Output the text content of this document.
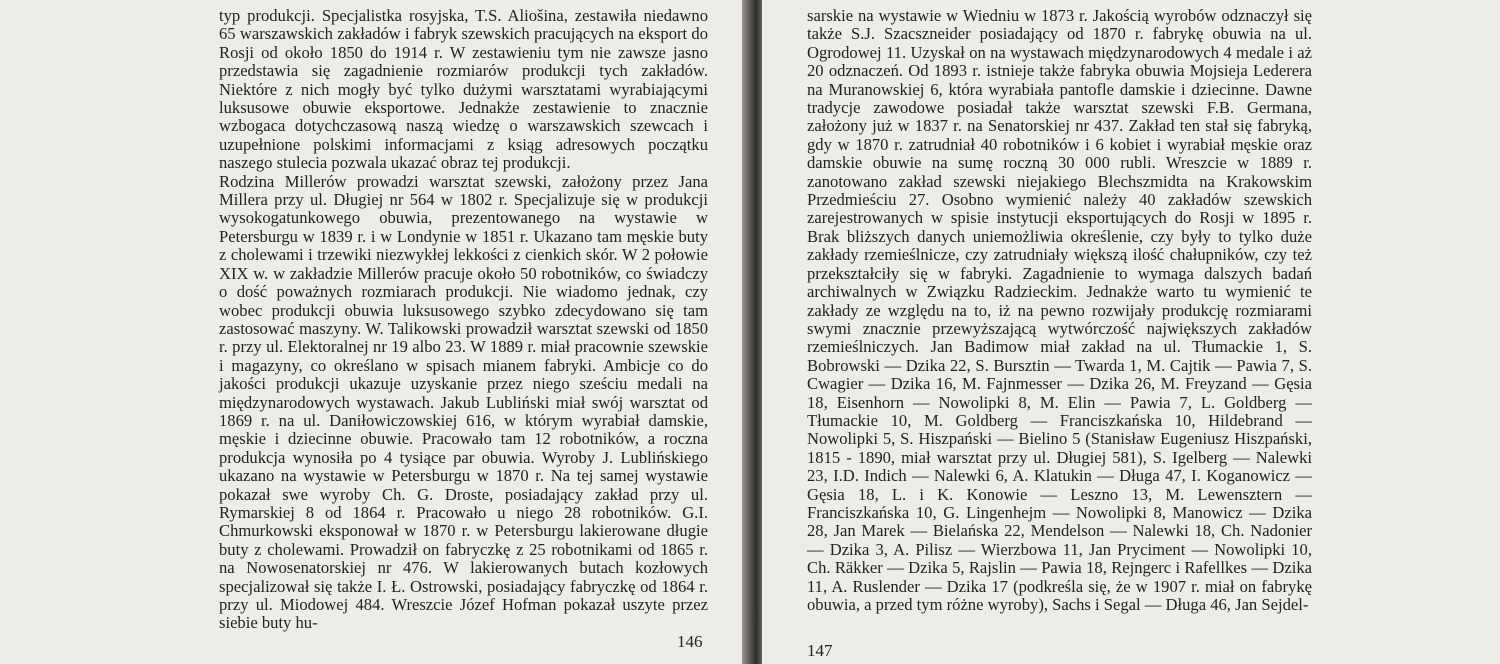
typ produkcji. Specjalistka rosyjska, T.S. Aliošina, zestawiła niedawno 65 warszawskich zakładów i fabryk szewskich pracujących na eksport do Rosji od około 1850 do 1914 r. W zestawieniu tym nie zawsze jasno przedstawia się zagadnienie rozmiarów produkcji tych zakładów. Niektóre z nich mogły być tylko dużymi warsztatami wyrabiającymi luksusowe obuwie eksportowe. Jednakże zestawienie to znacznie wzbogaca dotychczasową naszą wiedzę o warszawskich szewcach i uzupełnione polskimi informacjami z ksiąg adresowych początku naszego stulecia pozwala ukazać obraz tej produkcji.

Rodzina Millerów prowadzi warsztat szewski, założony przez Jana Millera przy ul. Długiej nr 564 w 1802 r. Specjalizuje się w produkcji wysokogatunkowego obuwia, prezentowanego na wystawie w Petersburgu w 1839 r. i w Londynie w 1851 r. Ukazano tam męskie buty z cholewami i trzewiki niezwykłej lekkości z cienkich skór. W 2 połowie XIX w. w zakładzie Millerów pracuje około 50 robotników, co świadczy o dość poważnych rozmiarach produkcji. Nie wiadomo jednak, czy wobec produkcji obuwia luksusowego szybko zdecydowano się tam zastosować maszyny. W. Talikowski prowadził warsztat szewski od 1850 r. przy ul. Elektoralnej nr 19 albo 23. W 1889 r. miał pracownie szewskie i magazyny, co określano w spisach mianem fabryki. Ambicje co do jakości produkcji ukazuje uzyskanie przez niego sześciu medali na międzynarodowych wystawach. Jakub Lubliński miał swój warsztat od 1869 r. na ul. Daniłowiczowskiej 616, w którym wyrabiał damskie, męskie i dziecinne obuwie. Pracowało tam 12 robotników, a roczna produkcja wynosiła po 4 tysiące par obuwia. Wyroby J. Lublińskiego ukazano na wystawie w Petersburgu w 1870 r. Na tej samej wystawie pokazał swe wyroby Ch. G. Droste, posiadający zakład przy ul. Rymarskiej 8 od 1864 r. Pracowało u niego 28 robotników. G.I. Chmurkowski eksponował w 1870 r. w Petersburgu lakierowane długie buty z cholewami. Prowadził on fabryczkę z 25 robotnikami od 1865 r. na Nowosenatorskiej nr 476. W lakierowanych butach kozłowych specjalizował się także I. Ł. Ostrowski, posiadający fabryczkę od 1864 r. przy ul. Miodowej 484. Wreszcie Józef Hofman pokazał uszyte przez siebie buty hu-

146
13*

sarskie na wystawie w Wiedniu w 1873 r. Jakością wyrobów odznaczył się także S.J. Szacszneider posiadający od 1870 r. fabrykę obuwia na ul. Ogrodowej 11. Uzyskał on na wystawach międzynarodowych 4 medale i aż 20 odznaczeń. Od 1893 r. istnieje także fabryka obuwia Mojsieja Lederera na Muranowskiej 6, która wyrabiała pantofle damskie i dziecinne. Dawne tradycje zawodowe posiadał także warsztat szewski F.B. Germana, założony już w 1837 r. na Senatorskiej nr 437. Zakład ten stał się fabryką, gdy w 1870 r. zatrudniał 40 robotników i 6 kobiet i wyrabiał męskie oraz damskie obuwie na sumę roczną 30 000 rubli. Wreszcie w 1889 r. zanotowano zakład szewski niejakiego Blechszmidta na Krakowskim Przedmieściu 27. Osobno wymienić należy 40 zakładów szewskich zarejestrowanych w spisie instytucji eksportujących do Rosji w 1895 r. Brak bliższych danych uniemożliwia określenie, czy były to tylko duże zakłady rzemieślnicze, czy zatrudniały większą ilość chałupników, czy też przekształciły się w fabryki. Zagadnienie to wymaga dalszych badań archiwalnych w Związku Radzieckim. Jednakże warto tu wymienić te zakłady ze względu na to, iż na pewno rozwijały produkcję rozmiarami swymi znacznie przewyższającą wytwórczość największych zakładów rzemieślniczych. Jan Badimow miał zakład na ul. Tłumackie 1, S. Bobrowski — Dzika 22, S. Bursztin — Twarda 1, M. Cajtik — Pawia 7, S. Cwagier — Dzika 16, M. Fajnmesser — Dzika 26, M. Freyzand — Gęsia 18, Eisenhorn — Nowolipki 8, M. Elin — Pawia 7, L. Goldberg — Tłumackie 10, M. Goldberg — Franciszkańska 10, Hildebrand — Nowolipki 5, S. Hiszpański — Bielino 5 (Stanisław Eugeniusz Hiszpański, 1815 - 1890, miał warsztat przy ul. Długiej 581), S. Igelberg — Nalewki 23, I.D. Indich — Nalewki 6, A. Klatukin — Długa 47, I. Koganowicz — Gęsia 18, L. i K. Konowie — Leszno 13, M. Lewensztern — Franciszkańska 10, G. Lingenhejm — Nowolipki 8, Manowicz — Dzika 28, Jan Marek — Bielańska 22, Mendelson — Nalewki 18, Ch. Nadonier — Dzika 3, A. Pilisz — Wierzbowa 11, Jan Pryciment — Nowolipki 10, Ch. Räkker — Dzika 5, Rajslin — Pawia 18, Rejngerc i Rafellkes — Dzika 11, A. Ruslender — Dzika 17 (podkreśla się, że w 1907 r. miał on fabrykę obuwia, a przed tym różne wyroby), Sachs i Segal — Długa 46, Jan Sejdel-

147
